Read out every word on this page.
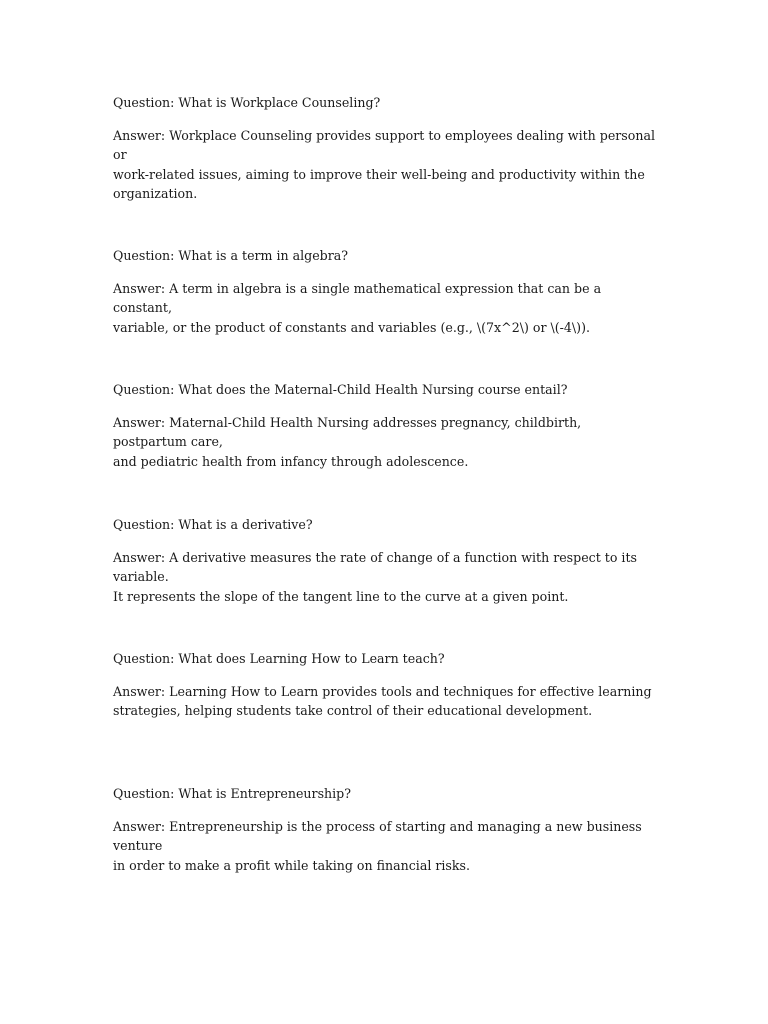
Question: What is Workplace Counseling?

Answer: Workplace Counseling provides support to employees dealing with personal or
work-related issues, aiming to improve their well-being and productivity within the
organization.

Question: What is a term in algebra?

Answer: A term in algebra is a single mathematical expression that can be a constant,
variable, or the product of constants and variables (e.g., \(7x^2\) or \(-4\)).

Question: What does the Maternal-Child Health Nursing course entail?

Answer: Maternal-Child Health Nursing addresses pregnancy, childbirth, postpartum care,
and pediatric health from infancy through adolescence.

Question: What is a derivative?

Answer: A derivative measures the rate of change of a function with respect to its variable.
It represents the slope of the tangent line to the curve at a given point.

Question: What does Learning How to Learn teach?

Answer: Learning How to Learn provides tools and techniques for effective learning
strategies, helping students take control of their educational development.

Question: What is Entrepreneurship?

Answer: Entrepreneurship is the process of starting and managing a new business venture
in order to make a profit while taking on financial risks.
